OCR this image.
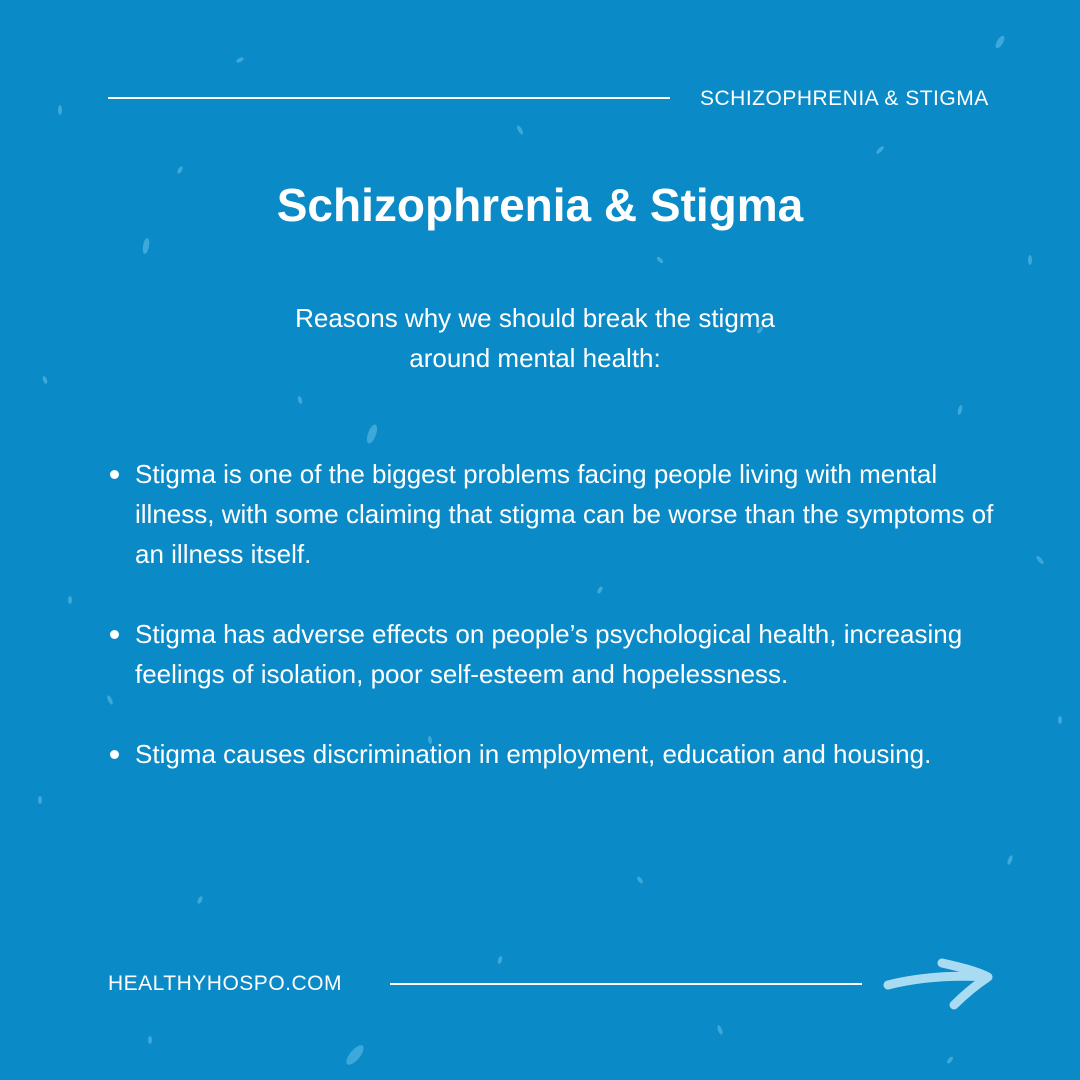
SCHIZOPHRENIA & STIGMA
Schizophrenia & Stigma
Reasons why we should break the stigma
around mental health:
Stigma is one of the biggest problems facing people living with mental illness, with some claiming that stigma can be worse than the symptoms of an illness itself.
Stigma has adverse effects on people’s psychological health, increasing feelings of isolation, poor self-esteem and hopelessness.
Stigma causes discrimination in employment, education and housing.
HEALTHYHOSPO.COM
